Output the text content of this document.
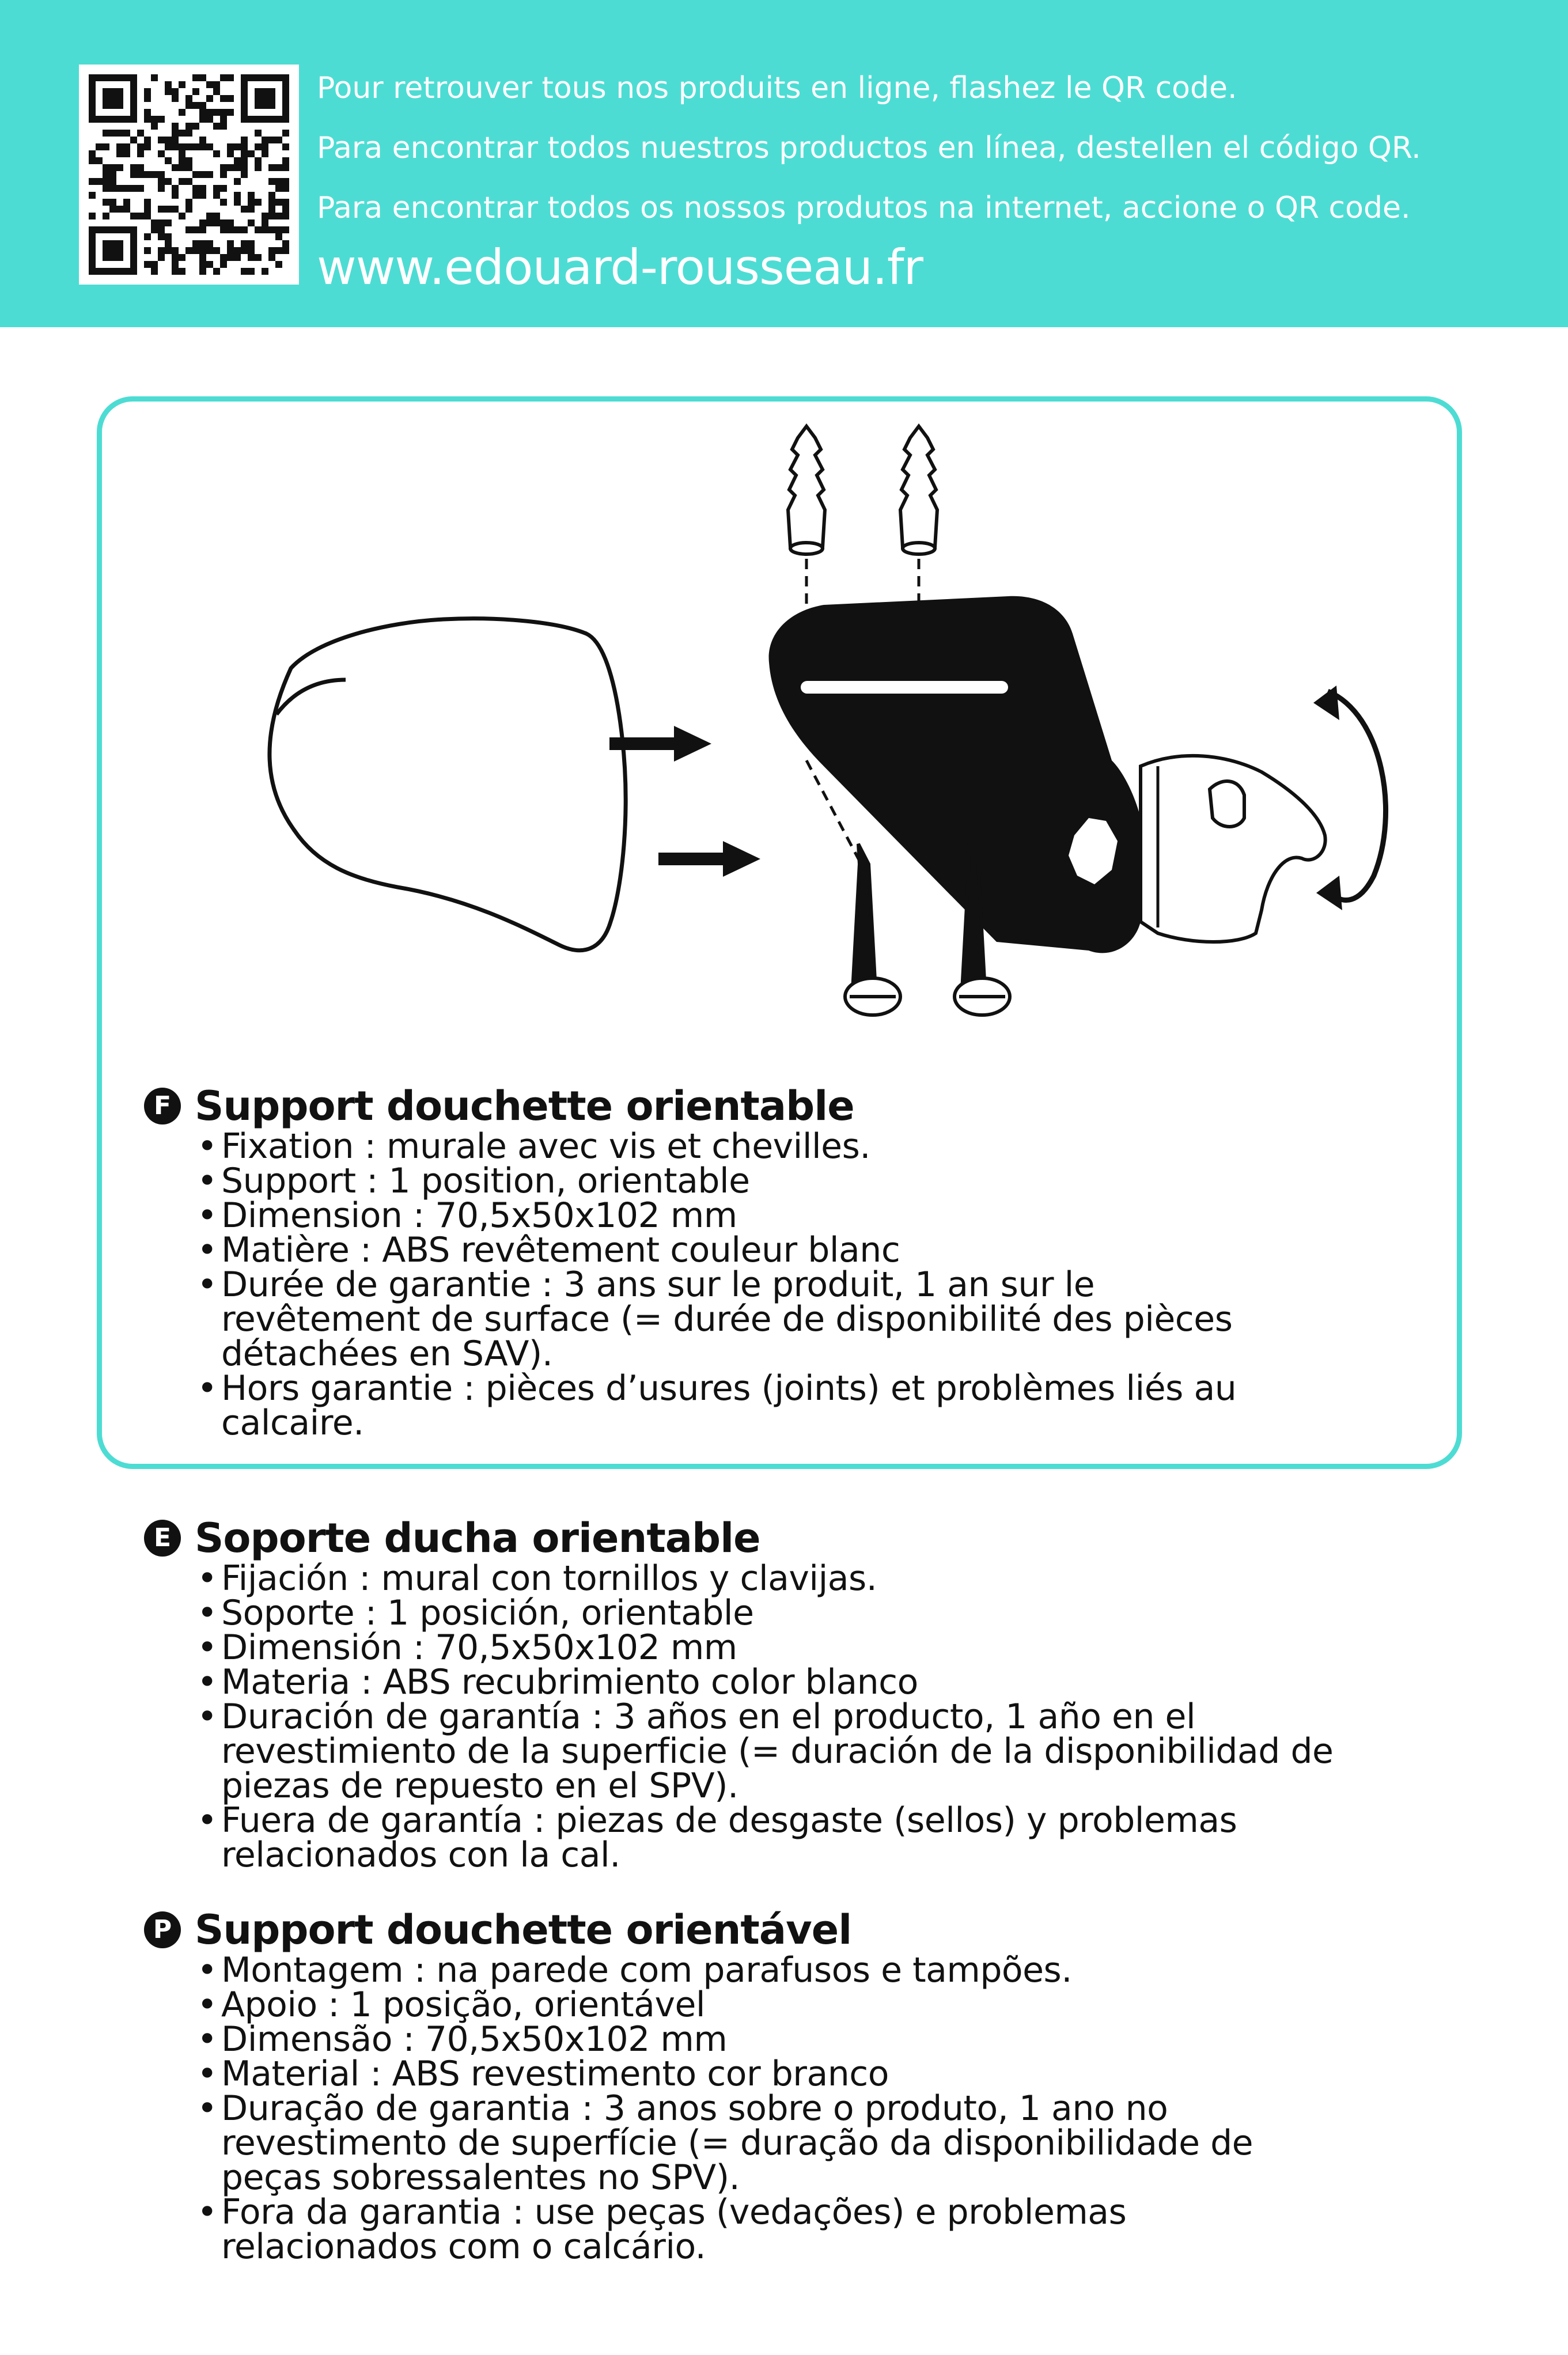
Pour retrouver tous nos produits en ligne, flashez le QR code.
Para encontrar todos nuestros productos en línea, destellen el código QR.
Para encontrar todos os nossos produtos na internet, accione o QR code.
www.edouard-rousseau.fr
F Support douchette orientable
• Fixation : murale avec vis et chevilles.
• Support : 1 position, orientable
• Dimension : 70,5x50x102 mm
• Matière : ABS revêtement couleur blanc
• Durée de garantie : 3 ans sur le produit, 1 an sur le
revêtement de surface (= durée de disponibilité des pièces
détachées en SAV).
• Hors garantie : pièces d’usures (joints) et problèmes liés au
calcaire.
E Soporte ducha orientable
• Fijación : mural con tornillos y clavijas.
• Soporte : 1 posición, orientable
• Dimensión : 70,5x50x102 mm
• Materia : ABS recubrimiento color blanco
• Duración de garantía : 3 años en el producto, 1 año en el
revestimiento de la superficie (= duración de la disponibilidad de
piezas de repuesto en el SPV).
• Fuera de garantía : piezas de desgaste (sellos) y problemas
relacionados con la cal.
P Support douchette orientável
• Montagem : na parede com parafusos e tampões.
• Apoio : 1 posição, orientável
• Dimensão : 70,5x50x102 mm
• Material : ABS revestimento cor branco
• Duração de garantia : 3 anos sobre o produto, 1 ano no
revestimento de superfície (= duração da disponibilidade de
peças sobressalentes no SPV).
• Fora da garantia : use peças (vedações) e problemas
relacionados com o calcário.
